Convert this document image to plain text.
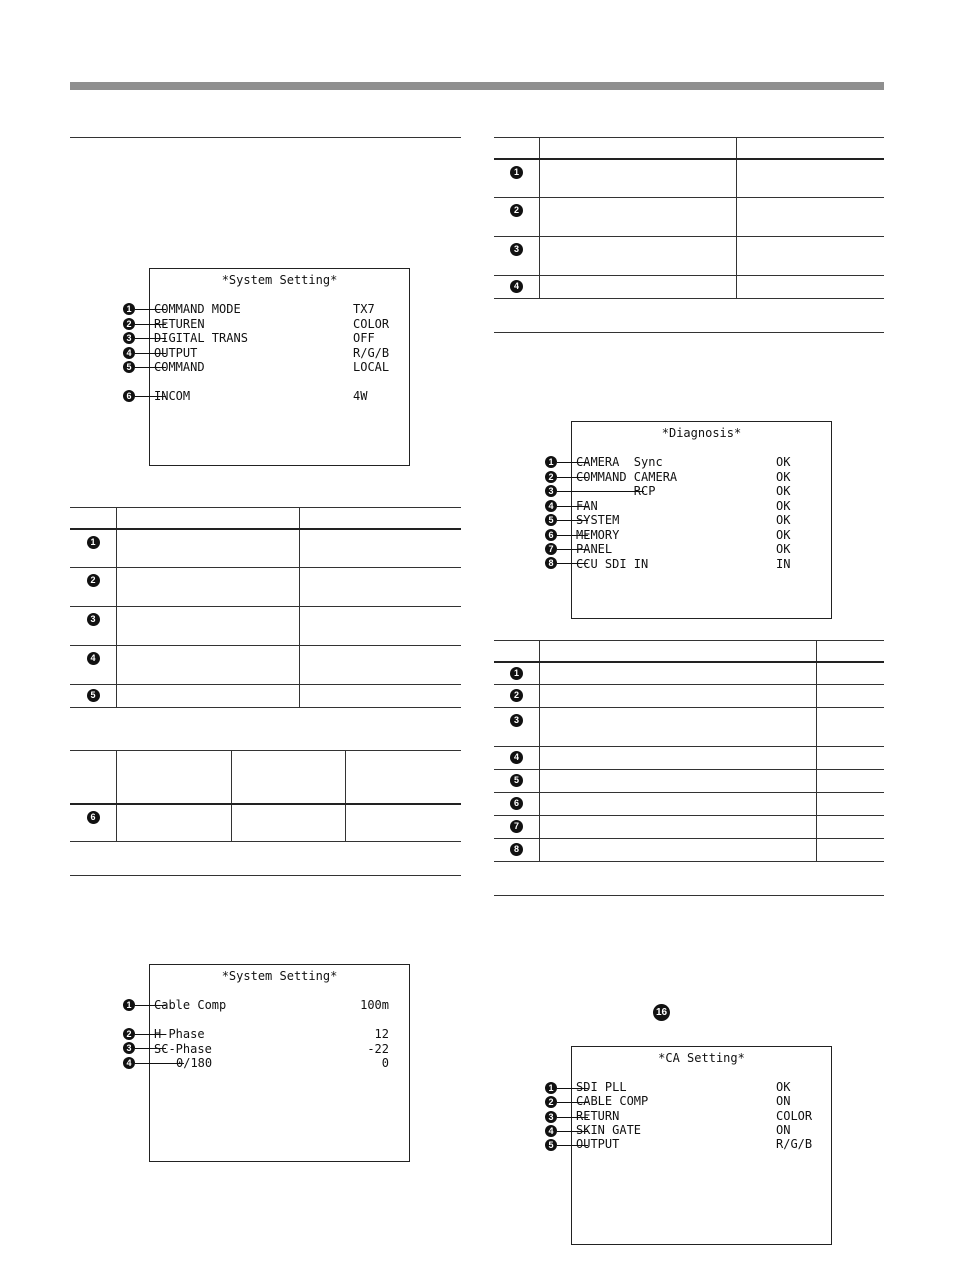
*System Setting*
COMMAND MODE	TX7
RETUREN	COLOR
DIGITAL TRANS	OFF
OUTPUT	R/G/B
COMMAND	LOCAL
INCOM	4W
1
2
3
4
5
6

1		

2		

3		

4		

5		

6			

*System Setting*
Cable Comp	100m
H-Phase	12
SC-Phase	-22
0/180	0
1
2
3
4

1		

2		

3		

4		

*Diagnosis*
CAMERA  Sync	OK
COMMAND CAMERA	OK
RCP	OK
FAN	OK
SYSTEM	OK
MEMORY	OK
PANEL	OK
CCU SDI IN	IN
1
2
3
4
5
6
7
8

1		

2		

3		

4		

5		

6		

7		

8		

16
*CA Setting*
SDI PLL	OK
CABLE COMP	ON
RETURN	COLOR
SKIN GATE	ON
OUTPUT	R/G/B
1
2
3
4
5
